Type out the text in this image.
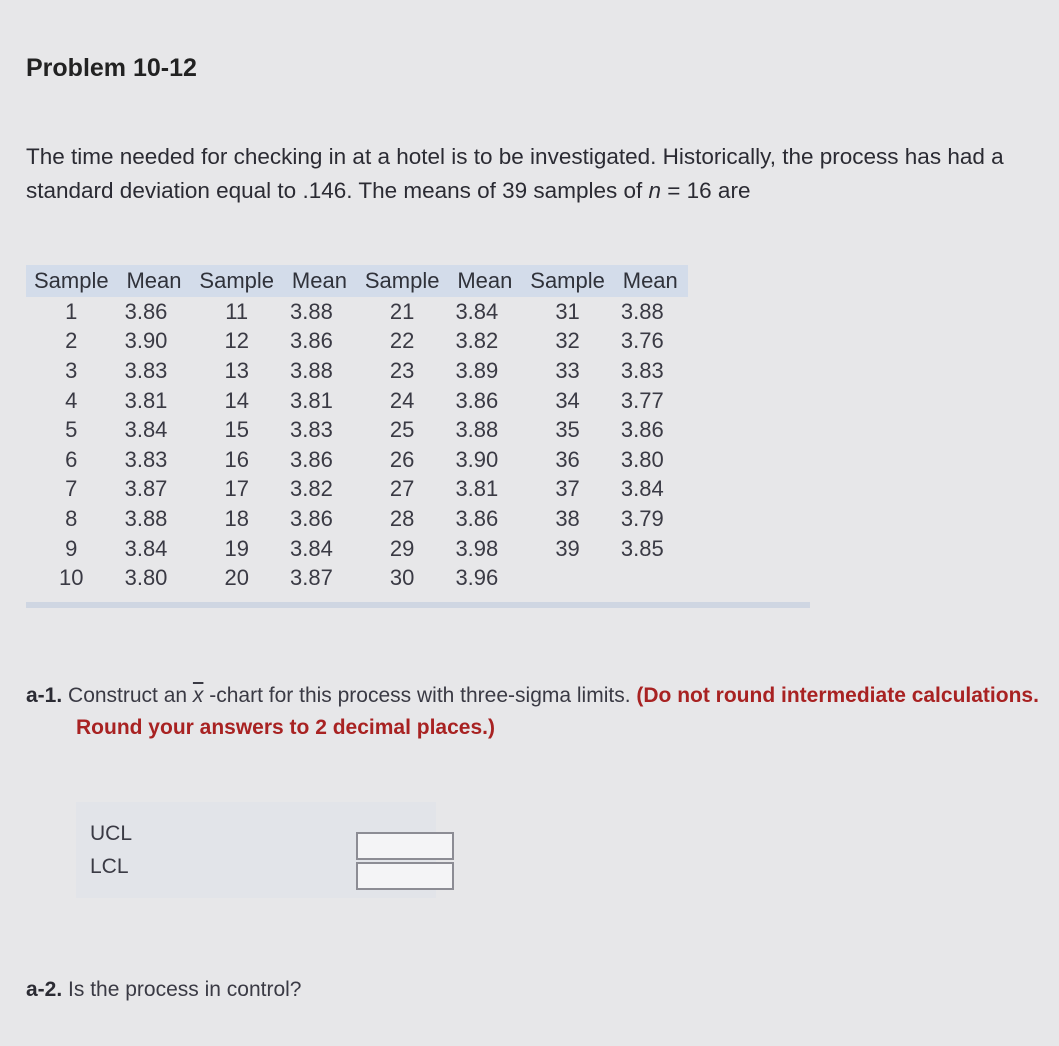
Problem 10-12
The time needed for checking in at a hotel is to be investigated. Historically, the process has had a standard deviation equal to .146. The means of 39 samples of n = 16 are
Sample	Mean	Sample	Mean	Sample	Mean	Sample	Mean
1	3.86	11	3.88	21	3.84	31	3.88
2	3.90	12	3.86	22	3.82	32	3.76
3	3.83	13	3.88	23	3.89	33	3.83
4	3.81	14	3.81	24	3.86	34	3.77
5	3.84	15	3.83	25	3.88	35	3.86
6	3.83	16	3.86	26	3.90	36	3.80
7	3.87	17	3.82	27	3.81	37	3.84
8	3.88	18	3.86	28	3.86	38	3.79
9	3.84	19	3.84	29	3.98	39	3.85
10	3.80	20	3.87	30	3.96		
a-1. Construct an $\overline{x}$ -chart for this process with three-sigma limits. (Do not round intermediate calculations. Round your answers to 2 decimal places.)
UCL
LCL
a-2. Is the process in control?
